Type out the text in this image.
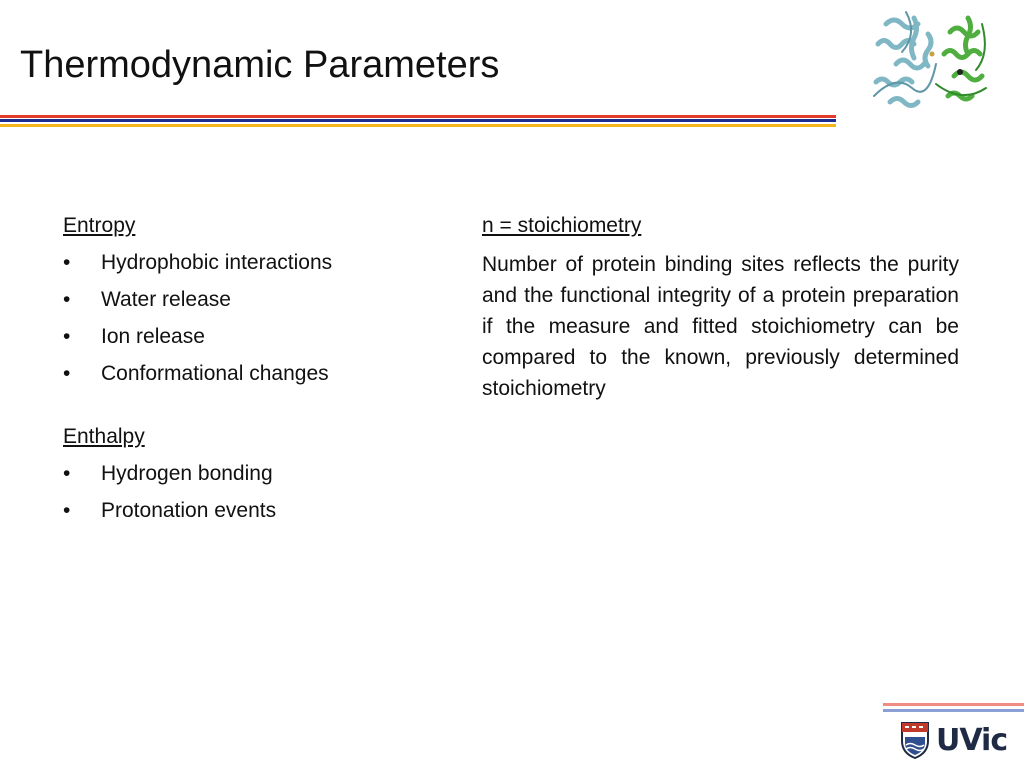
Thermodynamic Parameters
Entropy
•	Hydrophobic interactions
•	Water release
•	Ion release
•	Conformational changes
Enthalpy
•	Hydrogen bonding
•	Protonation events
n = stoichiometry

Number of protein binding sites reflects the purity and the functional integrity of a protein preparation if the measure and fitted stoichiometry can be compared to the known, previously determined stoichiometry

UVic
